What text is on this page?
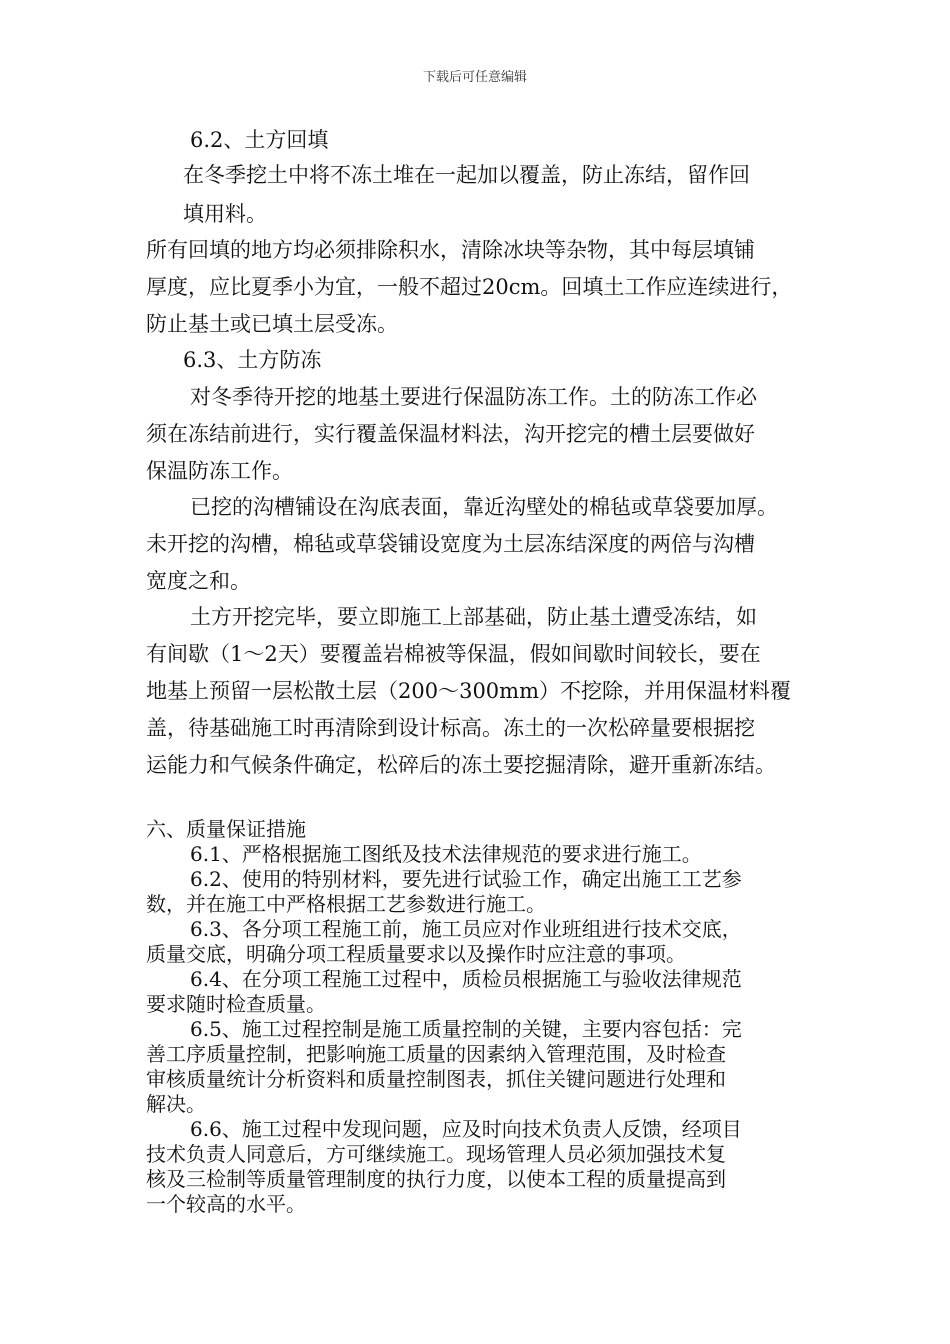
下载后可任意编辑
6.2、土方回填
在冬季挖土中将不冻土堆在一起加以覆盖，防止冻结，留作回
填用料。
所有回填的地方均必须排除积水，清除冰块等杂物，其中每层填铺
厚度，应比夏季小为宜，一般不超过20cm。回填土工作应连续进行，
防止基土或已填土层受冻。
6.3、土方防冻
对冬季待开挖的地基土要进行保温防冻工作。土的防冻工作必
须在冻结前进行，实行覆盖保温材料法，沟开挖完的槽土层要做好
保温防冻工作。
已挖的沟槽铺设在沟底表面，靠近沟壁处的棉毡或草袋要加厚。
未开挖的沟槽，棉毡或草袋铺设宽度为土层冻结深度的两倍与沟槽
宽度之和。
土方开挖完毕，要立即施工上部基础，防止基土遭受冻结，如
有间歇（1～2天）要覆盖岩棉被等保温，假如间歇时间较长，要在
地基上预留一层松散土层（200～300mm）不挖除，并用保温材料覆
盖，待基础施工时再清除到设计标高。冻土的一次松碎量要根据挖
运能力和气候条件确定，松碎后的冻土要挖掘清除，避开重新冻结。
六、质量保证措施
6.1、严格根据施工图纸及技术法律规范的要求进行施工。
6.2、使用的特别材料，要先进行试验工作，确定出施工工艺参
数，并在施工中严格根据工艺参数进行施工。
6.3、各分项工程施工前，施工员应对作业班组进行技术交底，
质量交底，明确分项工程质量要求以及操作时应注意的事项。
6.4、在分项工程施工过程中，质检员根据施工与验收法律规范
要求随时检查质量。
6.5、施工过程控制是施工质量控制的关键，主要内容包括：完
善工序质量控制，把影响施工质量的因素纳入管理范围，及时检查
审核质量统计分析资料和质量控制图表，抓住关键问题进行处理和
解决。
6.6、施工过程中发现问题，应及时向技术负责人反馈，经项目
技术负责人同意后，方可继续施工。现场管理人员必须加强技术复
核及三检制等质量管理制度的执行力度，以使本工程的质量提高到
一个较高的水平。
